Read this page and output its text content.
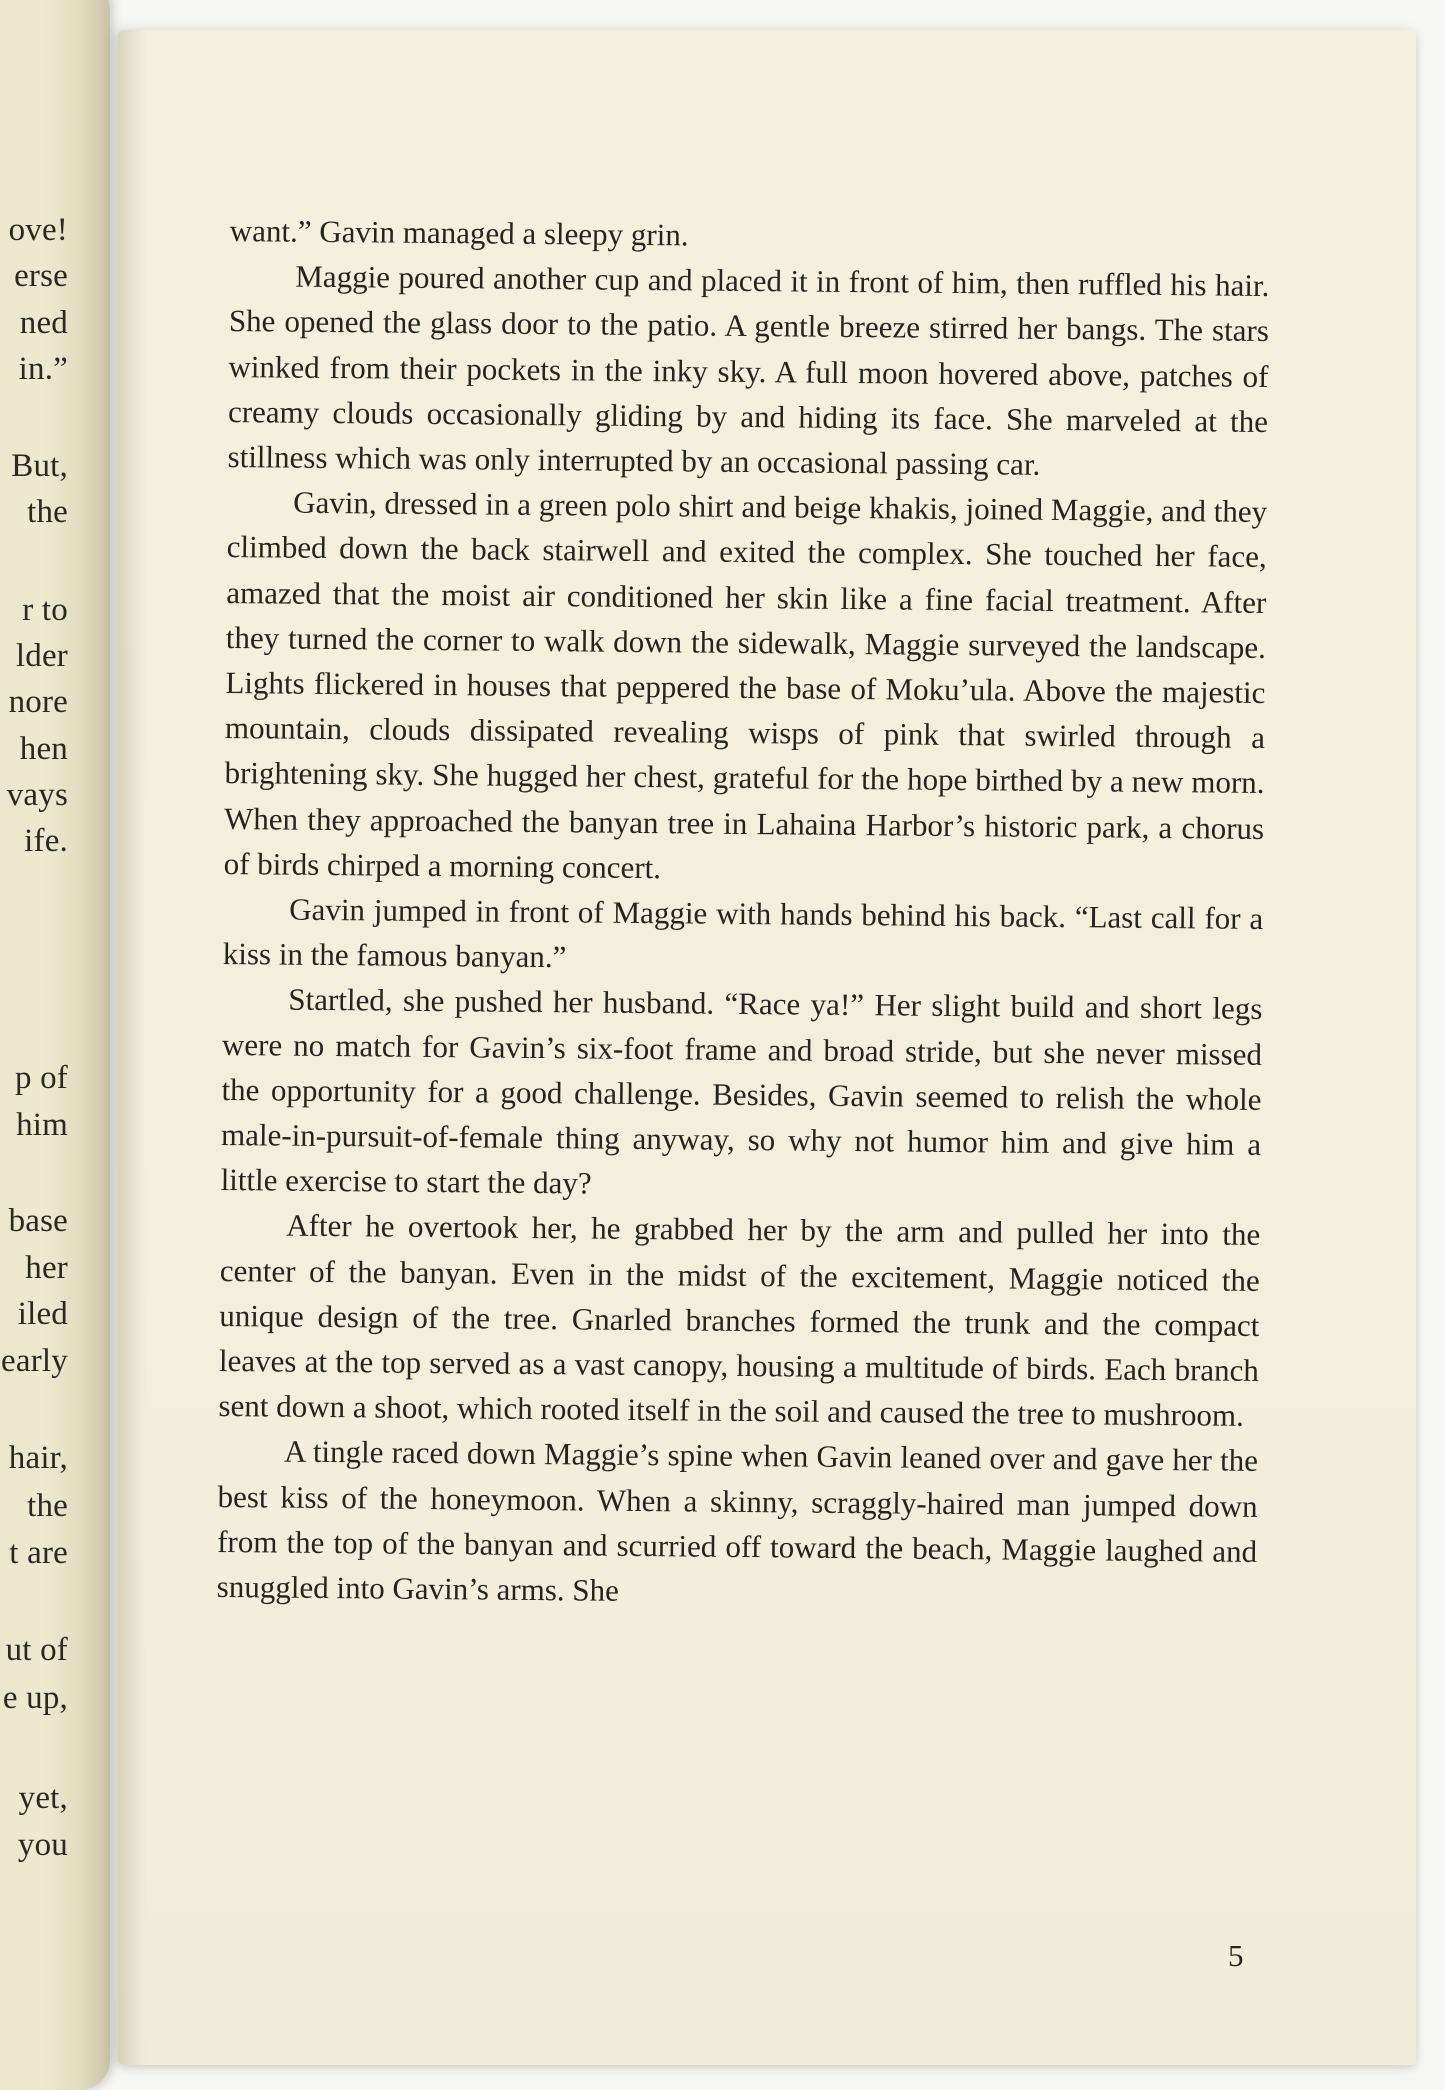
ove!
erse
ned
in.”
But,
the
r to
lder
nore
hen
vays
ife.
p of
him
base
her
iled
early
hair,
the
t are
ut of
e up,
yet,
you

want.” Gavin managed a sleepy grin.

Maggie poured another cup and placed it in front of him, then ruffled his hair. She opened the glass door to the patio. A gentle breeze stirred her bangs. The stars winked from their pockets in the inky sky. A full moon hovered above, patches of creamy clouds occasionally gliding by and hiding its face. She marveled at the stillness which was only interrupted by an occasional passing car.

Gavin, dressed in a green polo shirt and beige khakis, joined Maggie, and they climbed down the back stairwell and exited the complex. She touched her face, amazed that the moist air conditioned her skin like a fine facial treatment. After they turned the corner to walk down the sidewalk, Maggie surveyed the landscape. Lights flickered in houses that peppered the base of Moku’ula. Above the majestic mountain, clouds dissipated revealing wisps of pink that swirled through a brightening sky. She hugged her chest, grateful for the hope birthed by a new morn. When they approached the banyan tree in Lahaina Harbor’s historic park, a chorus of birds chirped a morning concert.

Gavin jumped in front of Maggie with hands behind his back. “Last call for a kiss in the famous banyan.”

Startled, she pushed her husband. “Race ya!” Her slight build and short legs were no match for Gavin’s six-foot frame and broad stride, but she never missed the opportunity for a good challenge. Besides, Gavin seemed to relish the whole male-in-pursuit-of-female thing anyway, so why not humor him and give him a little exercise to start the day?

After he overtook her, he grabbed her by the arm and pulled her into the center of the banyan. Even in the midst of the excitement, Maggie noticed the unique design of the tree. Gnarled branches formed the trunk and the compact leaves at the top served as a vast canopy, housing a multitude of birds. Each branch sent down a shoot, which rooted itself in the soil and caused the tree to mushroom.

A tingle raced down Maggie’s spine when Gavin leaned over and gave her the best kiss of the honeymoon. When a skinny, scraggly-haired man jumped down from the top of the banyan and scurried off toward the beach, Maggie laughed and snuggled into Gavin’s arms. She

5
